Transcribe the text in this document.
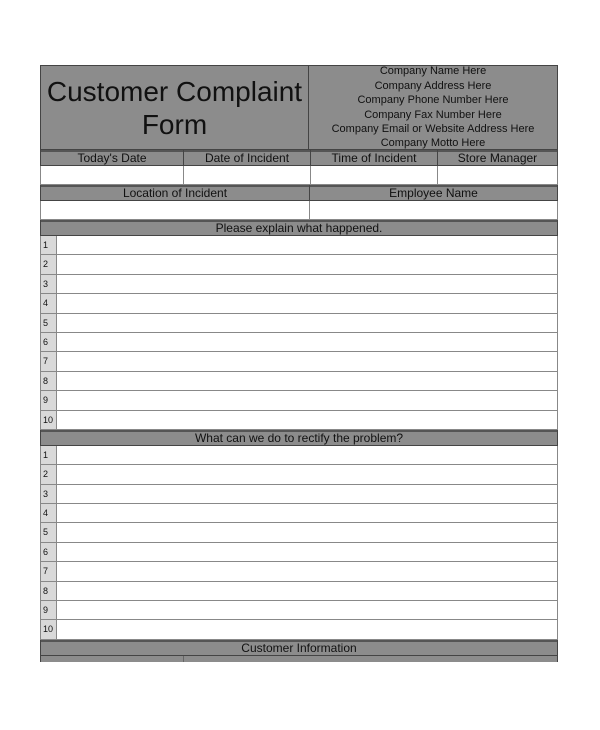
Customer Complaint Form
Company Name Here
Company Address Here
Company Phone Number Here
Company Fax Number Here
Company Email or Website Address Here
Company Motto Here
Today's Date	Date of Incident	Time of Incident	Store Manager
Location of Incident	Employee Name
Please explain what happened.
1
2
3
4
5
6
7
8
9
10
What can we do to rectify the problem?
1
2
3
4
5
6
7
8
9
10
Customer Information
